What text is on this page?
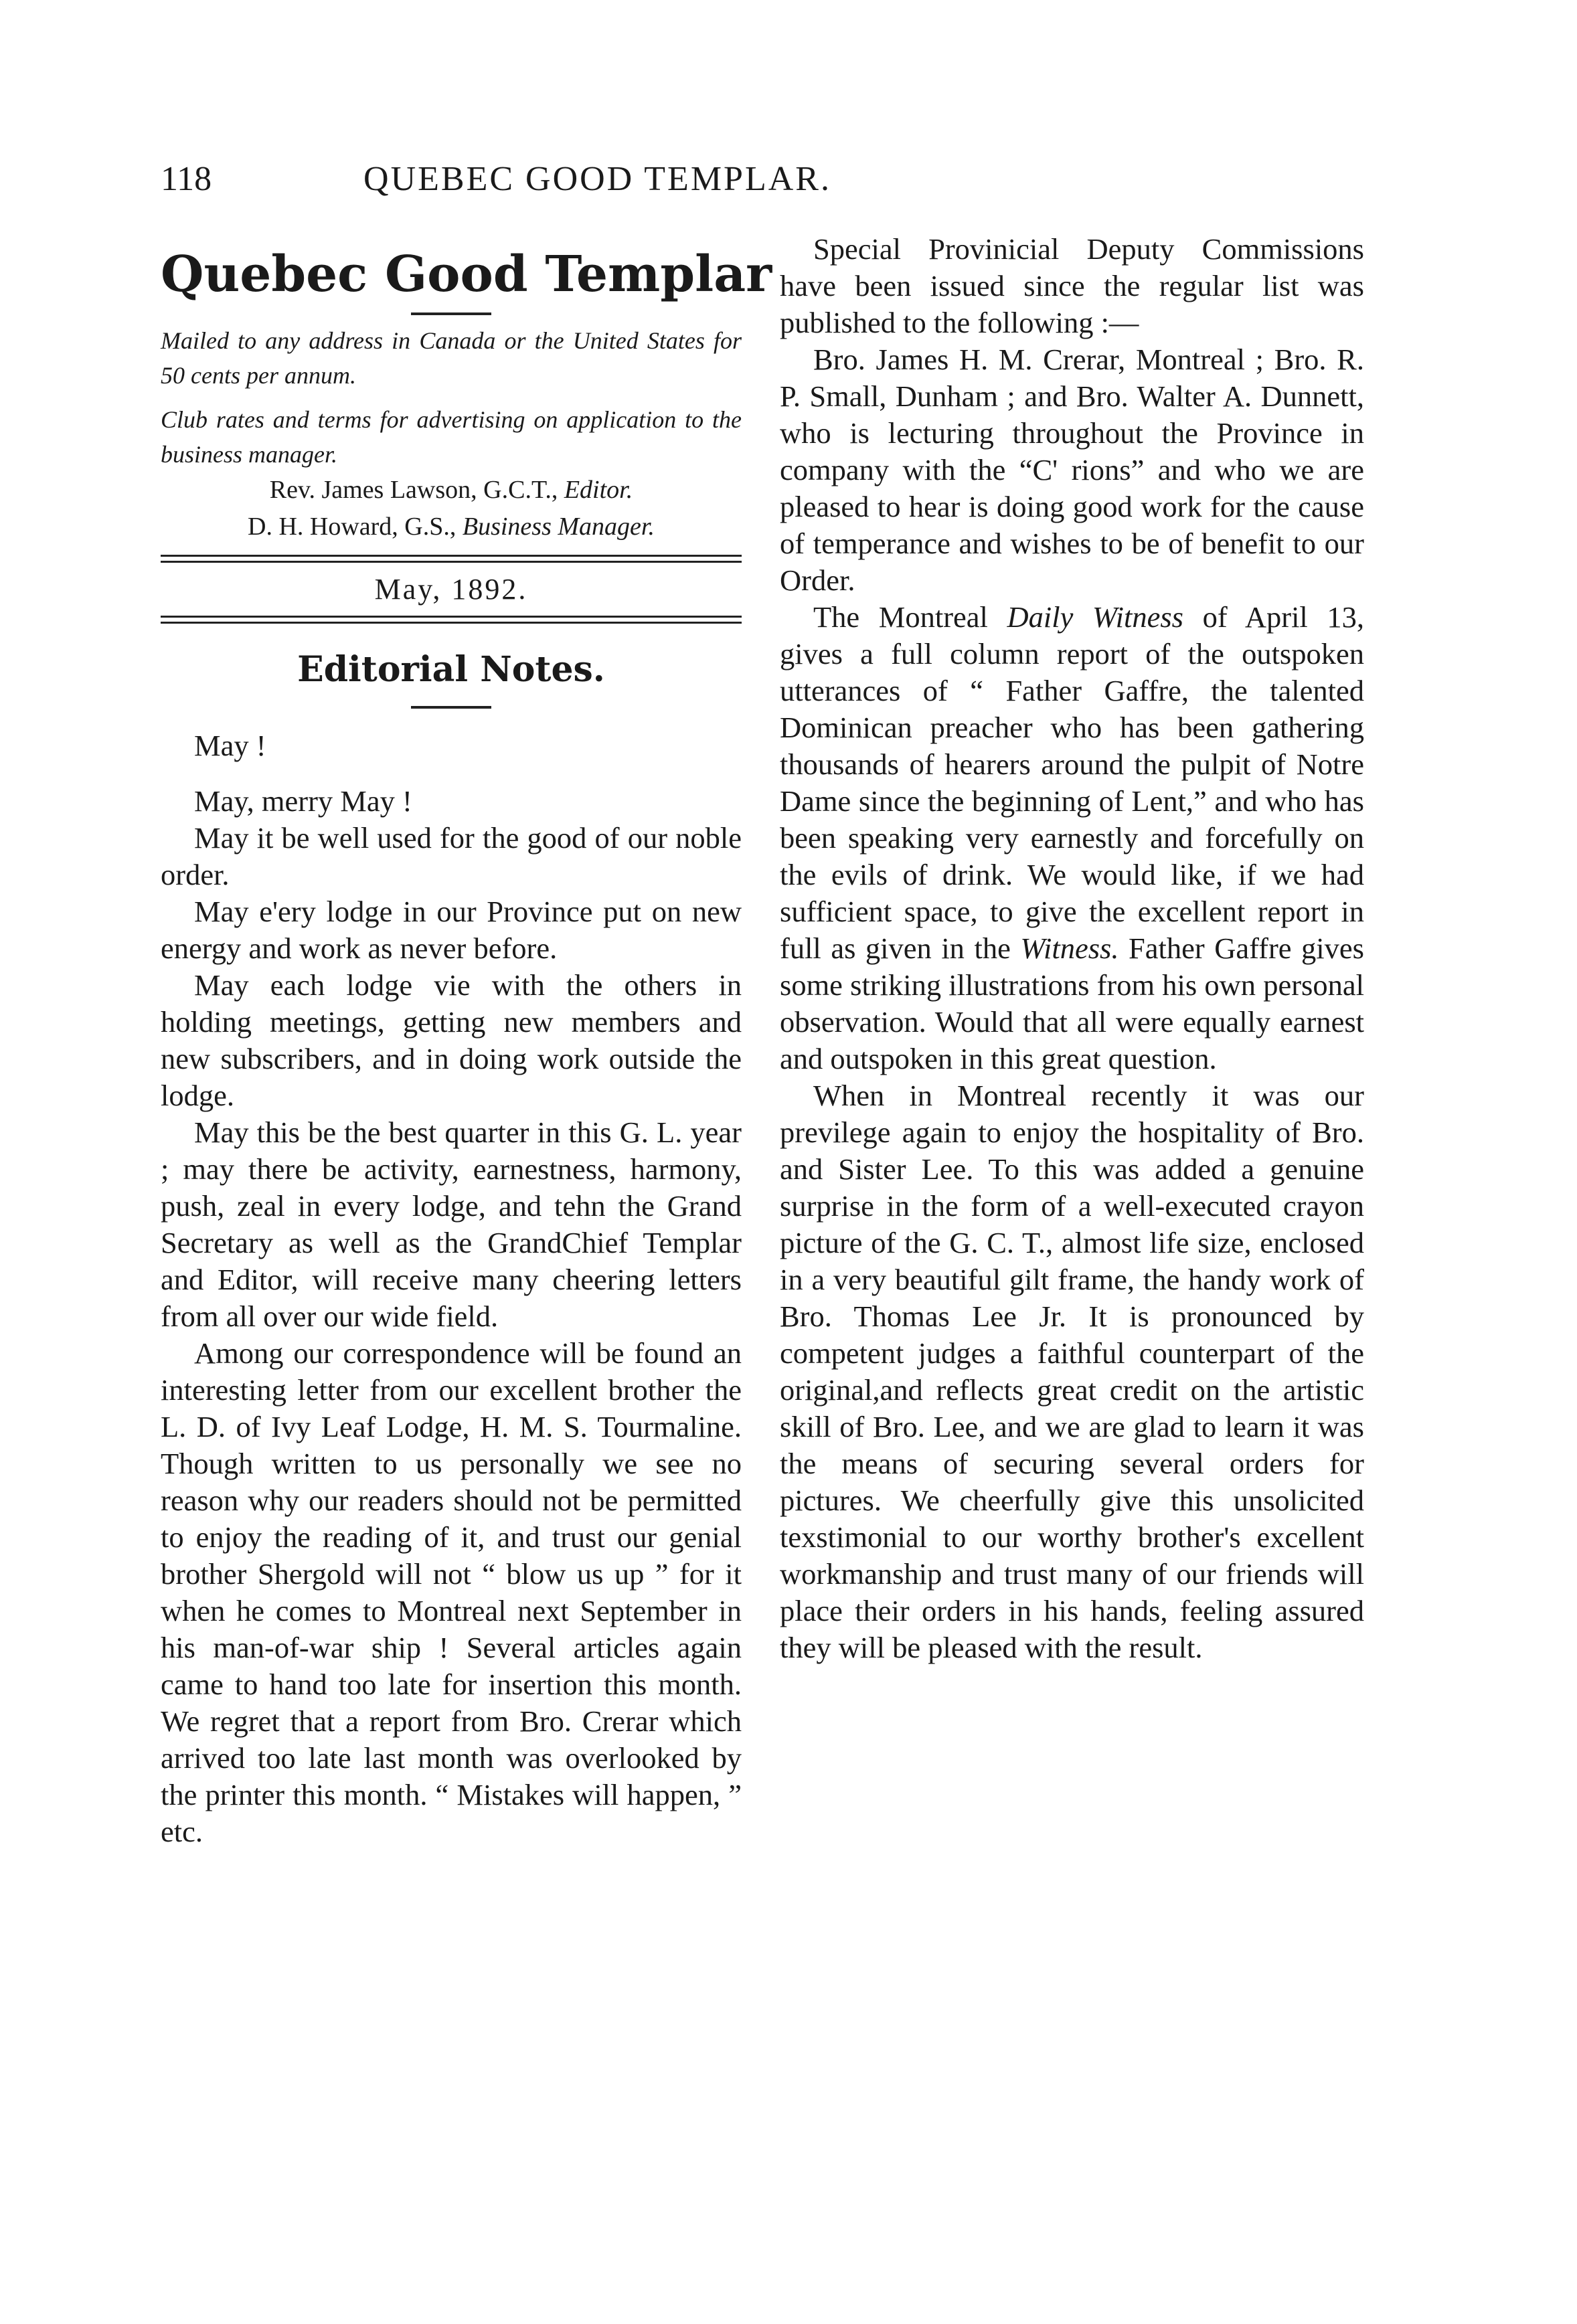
118	QUEBEC GOOD TEMPLAR.
Quebec Good Templar

Mailed to any address in Canada or the United States for 50 cents per annum.

Club rates and terms for advertising on application to the business manager.

Rev. James Lawson, G.C.T., Editor.

D. H. Howard, G.S., Business Manager.

May, 1892.
Editorial Notes.

May !

May, merry May !

May it be well used for the good of our noble order.

May e'ery lodge in our Province put on new energy and work as never before.

May each lodge vie with the others in holding meetings, getting new members and new subscribers, and in doing work outside the lodge.

May this be the best quarter in this G. L. year ; may there be activity, earnestness, harmony, push, zeal in every lodge, and tehn the Grand Secretary as well as the GrandChief Templar and Editor, will receive many cheering letters from all over our wide field.

Among our correspondence will be found an interesting letter from our excellent brother the L. D. of Ivy Leaf Lodge, H. M. S. Tourmaline. Though written to us personally we see no reason why our readers should not be permitted to enjoy the reading of it, and trust our genial brother Shergold will not “ blow us up ” for it when he comes to Montreal next September in his man-of-war ship ! Several articles again came to hand too late for insertion this month. We regret that a report from Bro. Crerar which arrived too late last month was overlooked by the printer this month. “ Mistakes will happen, ” etc.

Special Provinicial Deputy Commissions have been issued since the regular list was published to the following :—

Bro. James H. M. Crerar, Montreal ; Bro. R. P. Small, Dunham ; and Bro. Walter A. Dunnett, who is lecturing throughout the Province in company with the “C' rions” and who we are pleased to hear is doing good work for the cause of temperance and wishes to be of benefit to our Order.

The Montreal Daily Witness of April 13, gives a full column report of the outspoken utterances of “ Father Gaffre, the talented Dominican preacher who has been gathering thousands of hearers around the pulpit of Notre Dame since the beginning of Lent,” and who has been speaking very earnestly and forcefully on the evils of drink. We would like, if we had sufficient space, to give the excellent report in full as given in the Witness. Father Gaffre gives some striking illustrations from his own personal observation. Would that all were equally earnest and outspoken in this great question.

When in Montreal recently it was our previlege again to enjoy the hospitality of Bro. and Sister Lee. To this was added a genuine surprise in the form of a well-executed crayon picture of the G. C. T., almost life size, enclosed in a very beautiful gilt frame, the handy work of Bro. Thomas Lee Jr. It is pronounced by competent judges a faithful counterpart of the original,and reflects great credit on the artistic skill of Bro. Lee, and we are glad to learn it was the means of securing several orders for pictures. We cheerfully give this unsolicited texstimonial to our worthy brother's excellent workmanship and trust many of our friends will place their orders in his hands, feeling assured they will be pleased with the result.
